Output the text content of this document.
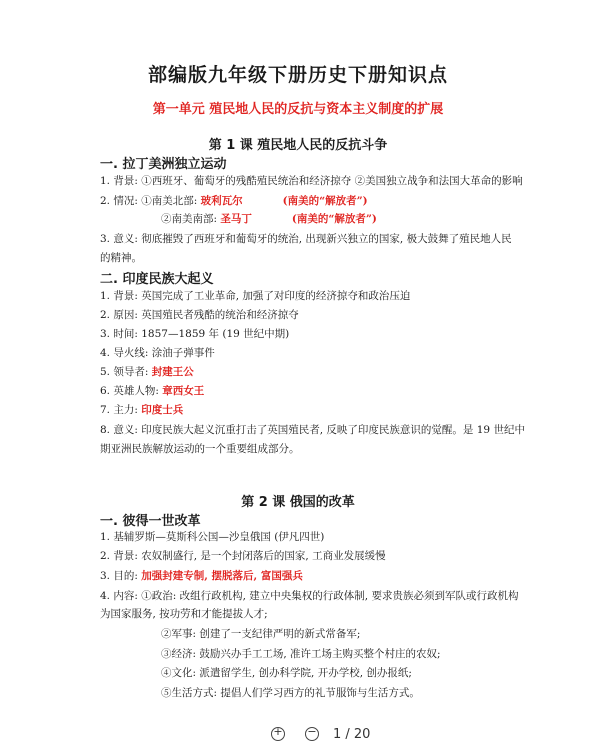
部编版九年级下册历史下册知识点
第一单元 殖民地人民的反抗与资本主义制度的扩展
第 1 课 殖民地人民的反抗斗争
一. 拉丁美洲独立运动
1. 背景: ①西班牙、葡萄牙的残酷殖民统治和经济掠夺 ②美国独立战争和法国大革命的影响
2. 情况: ①南美北部: 玻利瓦尔	(南美的“解放者”)
②南美南部: 圣马丁	(南美的“解放者”)
3. 意义: 彻底摧毁了西班牙和葡萄牙的统治, 出现新兴独立的国家, 极大鼓舞了殖民地人民
的精神。
二. 印度民族大起义
1. 背景: 英国完成了工业革命, 加强了对印度的经济掠夺和政治压迫
2. 原因: 英国殖民者残酷的统治和经济掠夺
3. 时间: 1857—1859 年 (19 世纪中期)
4. 导火线: 涂油子弹事件
5. 领导者: 封建王公
6. 英雄人物: 章西女王
7. 主力: 印度士兵
8. 意义: 印度民族大起义沉重打击了英国殖民者, 反映了印度民族意识的觉醒。是 19 世纪中
期亚洲民族解放运动的一个重要组成部分。
第 2 课 俄国的改革
一. 彼得一世改革
1. 基辅罗斯—莫斯科公国—沙皇俄国 (伊凡四世)
2. 背景: 农奴制盛行, 是一个封闭落后的国家, 工商业发展缓慢
3. 目的: 加强封建专制, 摆脱落后, 富国强兵
4. 内容: ①政治: 改组行政机构, 建立中央集权的行政体制, 要求贵族必须到军队或行政机构
为国家服务, 按功劳和才能提拔人才;
②军事: 创建了一支纪律严明的新式常备军;
③经济: 鼓励兴办手工工场, 准许工场主购买整个村庄的农奴;
④文化: 派遣留学生, 创办科学院, 开办学校, 创办报纸;
⑤生活方式: 提倡人们学习西方的礼节服饰与生活方式。
+ − 1 / 20
